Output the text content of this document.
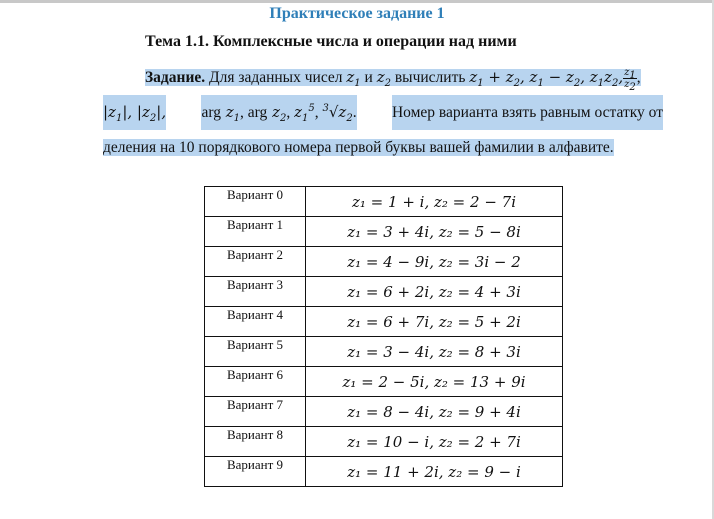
Практическое задание 1
Тема 1.1. Комплексные числа и операции над ними
Задание. Для заданных чисел $z_1$ и $z_2$ вычислить $z_1 + z_2$, $z_1 - z_2$, $z_1z_2$, $\frac{z_1}{z_2}$ ,
$|z_1|$, $|z_2|$, arg $z_1$, arg $z_2$, $z_1^5$, $^3√z_2$. Номер варианта взять равным остатку от
деления на 10 порядкового номера первой буквы вашей фамилии в алфавите.
Вариант 0	z₁ = 1 + i, z₂ = 2 − 7i
Вариант 1	z₁ = 3 + 4i, z₂ = 5 − 8i
Вариант 2	z₁ = 4 − 9i, z₂ = 3i − 2
Вариант 3	z₁ = 6 + 2i, z₂ = 4 + 3i
Вариант 4	z₁ = 6 + 7i, z₂ = 5 + 2i
Вариант 5	z₁ = 3 − 4i, z₂ = 8 + 3i
Вариант 6	z₁ = 2 − 5i, z₂ = 13 + 9i
Вариант 7	z₁ = 8 − 4i, z₂ = 9 + 4i
Вариант 8	z₁ = 10 − i, z₂ = 2 + 7i
Вариант 9	z₁ = 11 + 2i, z₂ = 9 − i
